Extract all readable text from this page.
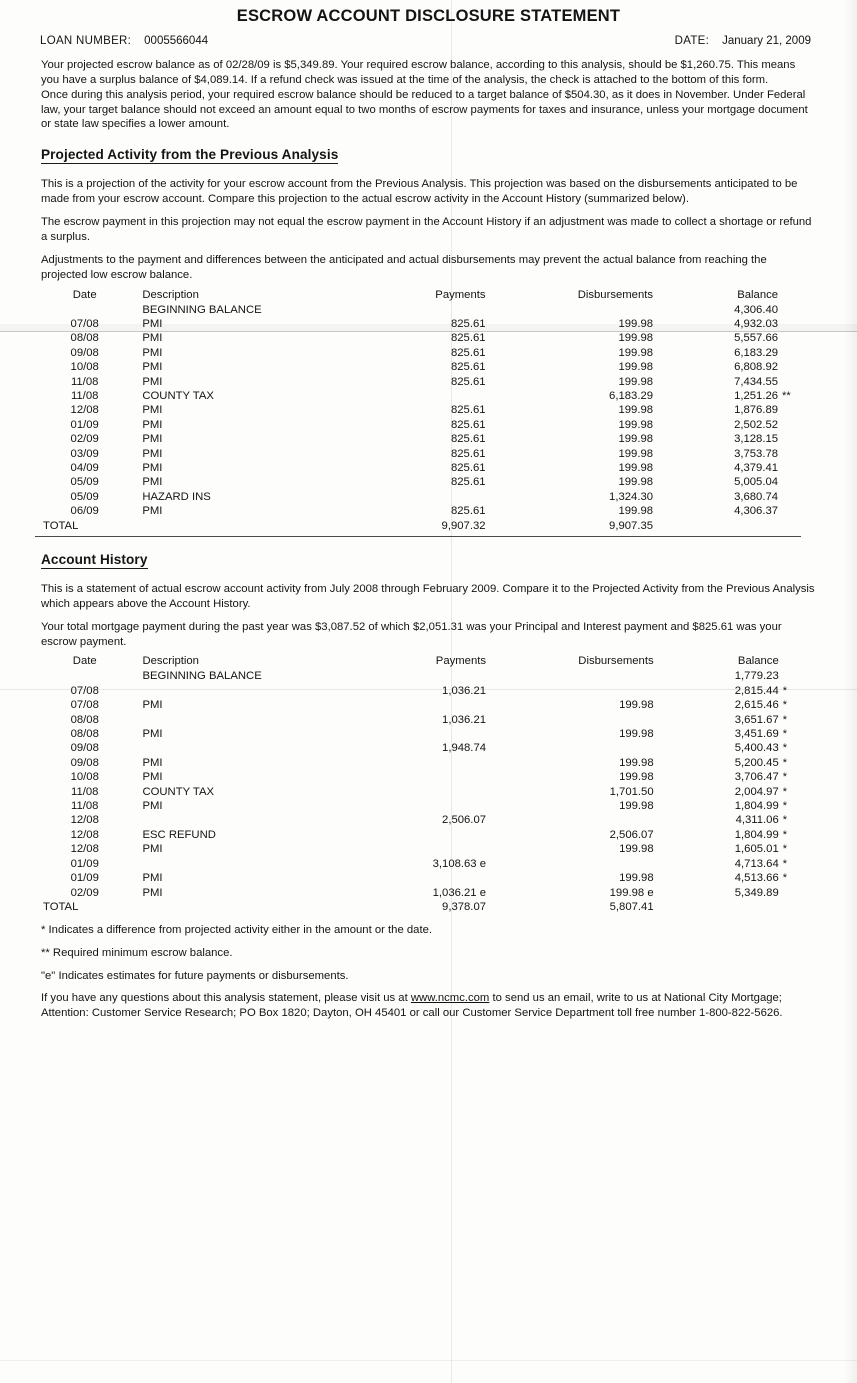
ESCROW ACCOUNT DISCLOSURE STATEMENT
LOAN NUMBER: 0005566044	DATE: January 21, 2009
Your projected escrow balance as of 02/28/09 is $5,349.89. Your required escrow balance, according to this analysis, should be $1,260.75. This means you have a surplus balance of $4,089.14. If a refund check was issued at the time of the analysis, the check is attached to the bottom of this form.
Once during this analysis period, your required escrow balance should be reduced to a target balance of $504.30, as it does in November. Under Federal law, your target balance should not exceed an amount equal to two months of escrow payments for taxes and insurance, unless your mortgage document or state law specifies a lower amount.
Projected Activity from the Previous Analysis
This is a projection of the activity for your escrow account from the Previous Analysis. This projection was based on the disbursements anticipated to be made from your escrow account. Compare this projection to the actual escrow activity in the Account History (summarized below).
The escrow payment in this projection may not equal the escrow payment in the Account History if an adjustment was made to collect a shortage or refund a surplus.
Adjustments to the payment and differences between the anticipated and actual disbursements may prevent the actual balance from reaching the projected low escrow balance.
Date	Description	Payments	Disbursements	Balance	
	BEGINNING BALANCE			4,306.40	
07/08	PMI	825.61	199.98	4,932.03	
08/08	PMI	825.61	199.98	5,557.66	
09/08	PMI	825.61	199.98	6,183.29	
10/08	PMI	825.61	199.98	6,808.92	
11/08	PMI	825.61	199.98	7,434.55	
11/08	COUNTY TAX		6,183.29	1,251.26	**
12/08	PMI	825.61	199.98	1,876.89	
01/09	PMI	825.61	199.98	2,502.52	
02/09	PMI	825.61	199.98	3,128.15	
03/09	PMI	825.61	199.98	3,753.78	
04/09	PMI	825.61	199.98	4,379.41	
05/09	PMI	825.61	199.98	5,005.04	
05/09	HAZARD INS		1,324.30	3,680.74	
06/09	PMI	825.61	199.98	4,306.37	
TOTAL		9,907.32	9,907.35		
Account History
This is a statement of actual escrow account activity from July 2008 through February 2009. Compare it to the Projected Activity from the Previous Analysis which appears above the Account History.
Your total mortgage payment during the past year was $3,087.52 of which $2,051.31 was your Principal and Interest payment and $825.61 was your escrow payment.
Date	Description	Payments	Disbursements	Balance	
	BEGINNING BALANCE			1,779.23	
07/08		1,036.21		2,815.44	*
07/08	PMI		199.98	2,615.46	*
08/08		1,036.21		3,651.67	*
08/08	PMI		199.98	3,451.69	*
09/08		1,948.74		5,400.43	*
09/08	PMI		199.98	5,200.45	*
10/08	PMI		199.98	3,706.47	*
11/08	COUNTY TAX		1,701.50	2,004.97	*
11/08	PMI		199.98	1,804.99	*
12/08		2,506.07		4,311.06	*
12/08	ESC REFUND		2,506.07	1,804.99	*
12/08	PMI		199.98	1,605.01	*
01/09		3,108.63 e		4,713.64	*
01/09	PMI		199.98	4,513.66	*
02/09	PMI	1,036.21 e	199.98 e	5,349.89	
TOTAL		9,378.07	5,807.41		

* Indicates a difference from projected activity either in the amount or the date.

** Required minimum escrow balance.

"e" Indicates estimates for future payments or disbursements.

If you have any questions about this analysis statement, please visit us at www.ncmc.com to send us an email, write to us at National City Mortgage; Attention: Customer Service Research; PO Box 1820; Dayton, OH 45401 or call our Customer Service Department toll free number 1-800-822-5626.
